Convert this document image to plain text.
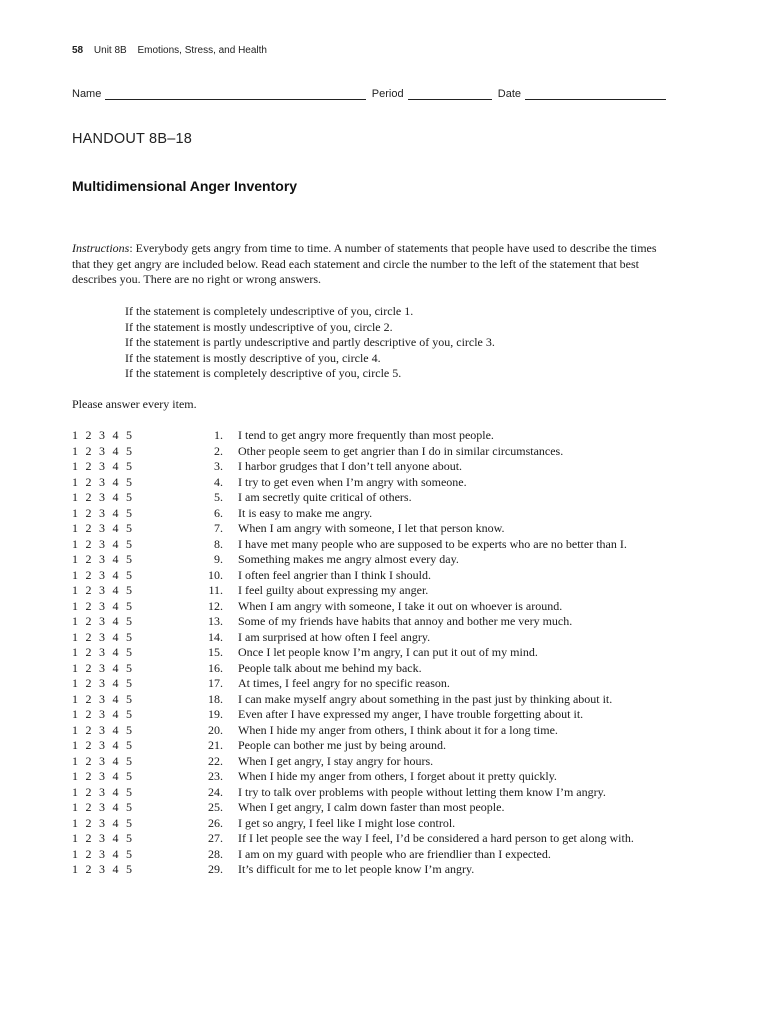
58 Unit 8B Emotions, Stress, and Health
Name	Period	Date
HANDOUT 8B–18
Multidimensional Anger Inventory
Instructions: Everybody gets angry from time to time. A number of statements that people have used to describe the times that they get angry are included below. Read each statement and circle the number to the left of the statement that best describes you. There are no right or wrong answers.
If the statement is completely undescriptive of you, circle 1.
If the statement is mostly undescriptive of you, circle 2.
If the statement is partly undescriptive and partly descriptive of you, circle 3.
If the statement is mostly descriptive of you, circle 4.
If the statement is completely descriptive of you, circle 5.
Please answer every item.
1 2 3 4 5	1.	I tend to get angry more frequently than most people.
1 2 3 4 5	2.	Other people seem to get angrier than I do in similar circumstances.
1 2 3 4 5	3.	I harbor grudges that I don’t tell anyone about.
1 2 3 4 5	4.	I try to get even when I’m angry with someone.
1 2 3 4 5	5.	I am secretly quite critical of others.
1 2 3 4 5	6.	It is easy to make me angry.
1 2 3 4 5	7.	When I am angry with someone, I let that person know.
1 2 3 4 5	8.	I have met many people who are supposed to be experts who are no better than I.
1 2 3 4 5	9.	Something makes me angry almost every day.
1 2 3 4 5	10.	I often feel angrier than I think I should.
1 2 3 4 5	11.	I feel guilty about expressing my anger.
1 2 3 4 5	12.	When I am angry with someone, I take it out on whoever is around.
1 2 3 4 5	13.	Some of my friends have habits that annoy and bother me very much.
1 2 3 4 5	14.	I am surprised at how often I feel angry.
1 2 3 4 5	15.	Once I let people know I’m angry, I can put it out of my mind.
1 2 3 4 5	16.	People talk about me behind my back.
1 2 3 4 5	17.	At times, I feel angry for no specific reason.
1 2 3 4 5	18.	I can make myself angry about something in the past just by thinking about it.
1 2 3 4 5	19.	Even after I have expressed my anger, I have trouble forgetting about it.
1 2 3 4 5	20.	When I hide my anger from others, I think about it for a long time.
1 2 3 4 5	21.	People can bother me just by being around.
1 2 3 4 5	22.	When I get angry, I stay angry for hours.
1 2 3 4 5	23.	When I hide my anger from others, I forget about it pretty quickly.
1 2 3 4 5	24.	I try to talk over problems with people without letting them know I’m angry.
1 2 3 4 5	25.	When I get angry, I calm down faster than most people.
1 2 3 4 5	26.	I get so angry, I feel like I might lose control.
1 2 3 4 5	27.	If I let people see the way I feel, I’d be considered a hard person to get along with.
1 2 3 4 5	28.	I am on my guard with people who are friendlier than I expected.
1 2 3 4 5	29.	It’s difficult for me to let people know I’m angry.
